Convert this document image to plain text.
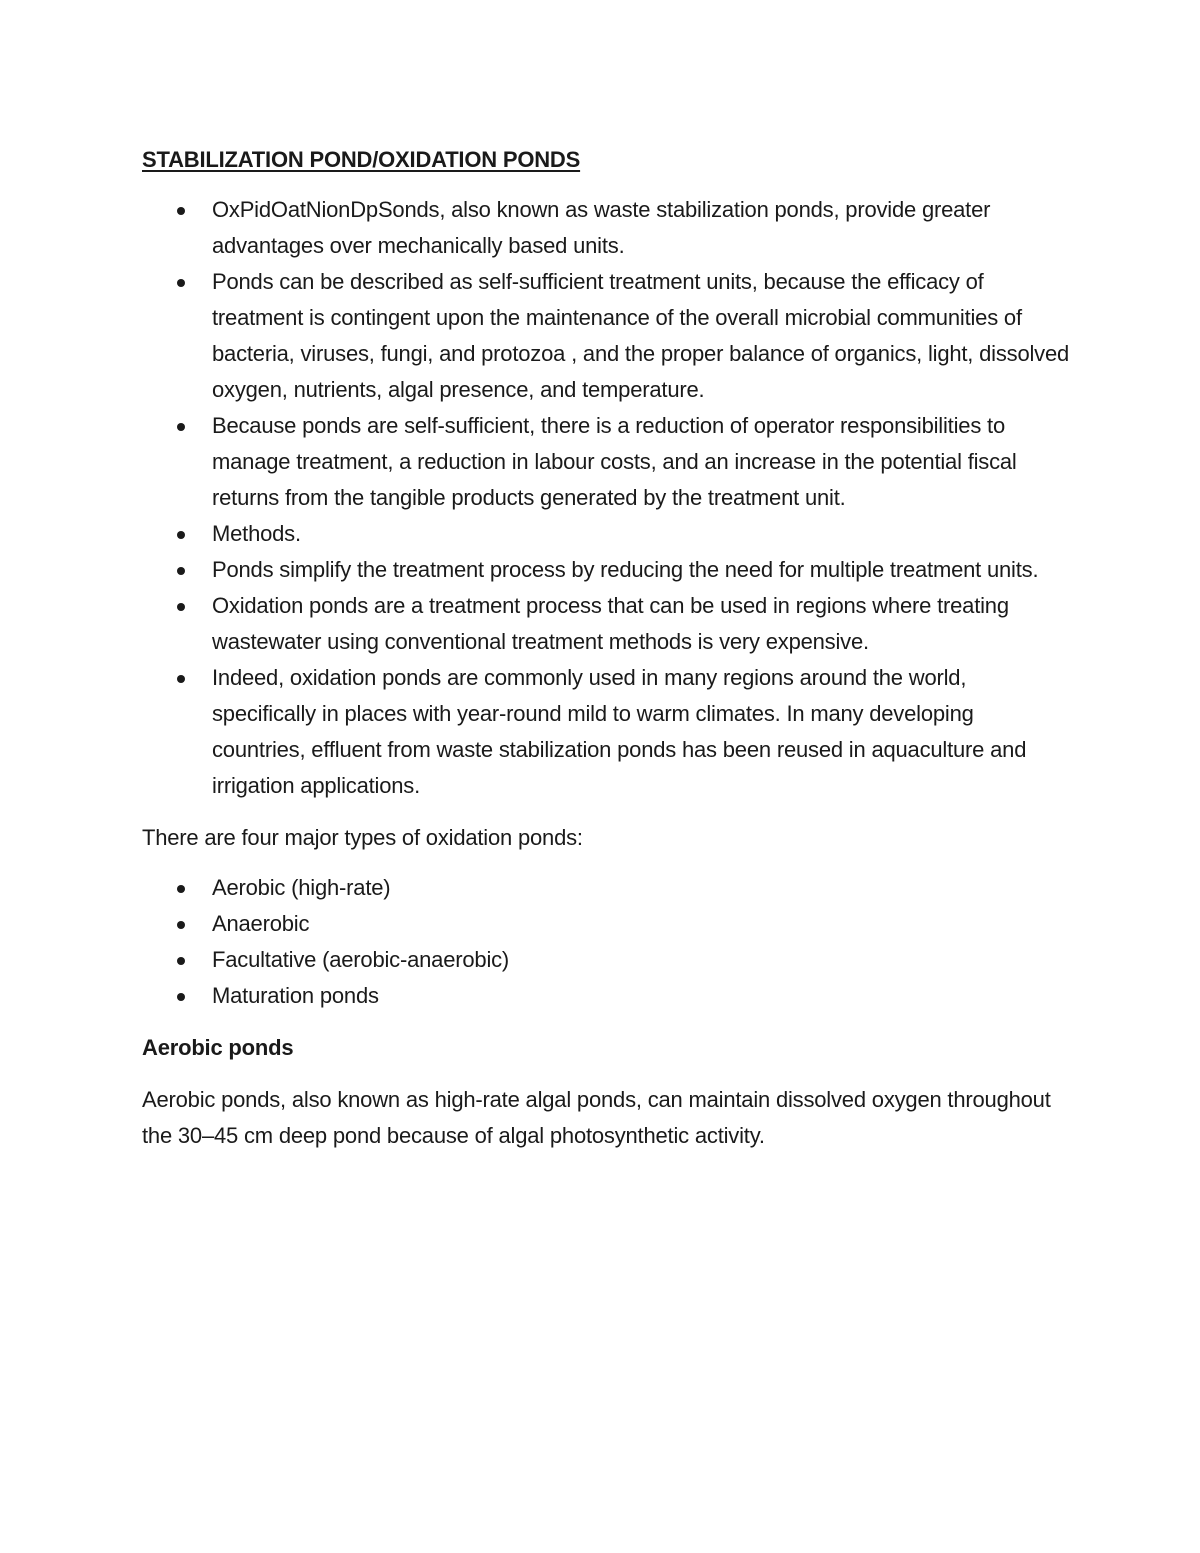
STABILIZATION POND/OXIDATION PONDS
OxPidOatNionDpSonds, also known as waste stabilization ponds, provide greater advantages over mechanically based units.
Ponds can be described as self-sufficient treatment units, because the efficacy of treatment is contingent upon the maintenance of the overall microbial communities of bacteria, viruses, fungi, and protozoa , and the proper balance of organics, light, dissolved oxygen, nutrients, algal presence, and temperature.
Because ponds are self-sufficient, there is a reduction of operator responsibilities to manage treatment, a reduction in labour costs, and an increase in the potential fiscal returns from the tangible products generated by the treatment unit.
Methods.
Ponds simplify the treatment process by reducing the need for multiple treatment units.
Oxidation ponds are a treatment process that can be used in regions where treating wastewater using conventional treatment methods is very expensive.
Indeed, oxidation ponds are commonly used in many regions around the world, specifically in places with year-round mild to warm climates. In many developing countries, effluent from waste stabilization ponds has been reused in aquaculture and irrigation applications.

There are four major types of oxidation ponds:

Aerobic (high-rate)
Anaerobic
Facultative (aerobic-anaerobic)
Maturation ponds
Aerobic ponds

Aerobic ponds, also known as high-rate algal ponds, can maintain dissolved oxygen throughout the 30–45 cm deep pond because of algal photosynthetic activity.
